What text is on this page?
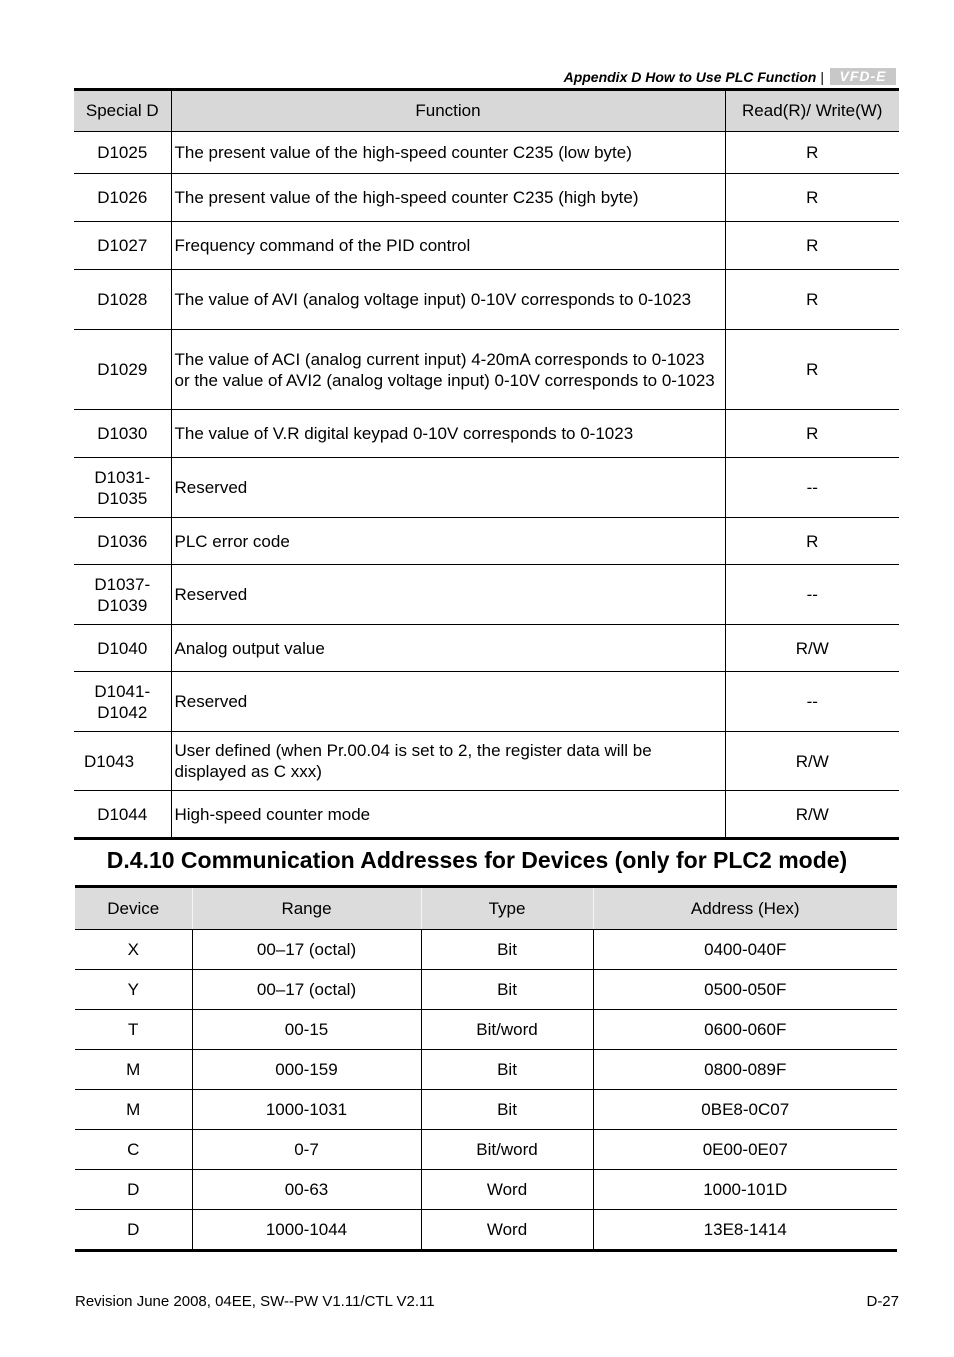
Appendix D How to Use PLC Function |	VFD-E
Special D	Function	Read(R)/ Write(W)
D1025	The present value of the high-speed counter C235 (low byte)	R
D1026	The present value of the high-speed counter C235 (high byte)	R
D1027	Frequency command of the PID control	R
D1028	The value of AVI (analog voltage input) 0-10V corresponds to 0-1023	R
D1029	The value of ACI (analog current input) 4-20mA corresponds to 0-1023 or the value of AVI2 (analog voltage input) 0-10V corresponds to 0-1023	R
D1030	The value of V.R digital keypad 0-10V corresponds to 0-1023	R
D1031-D1035	Reserved	--
D1036	PLC error code	R
D1037-D1039	Reserved	--
D1040	Analog output value	R/W
D1041-D1042	Reserved	--
D1043	User defined (when Pr.00.04 is set to 2, the register data will be displayed as C xxx)	R/W
D1044	High-speed counter mode	R/W
D.4.10 Communication Addresses for Devices (only for PLC2 mode)
Device	Range	Type	Address (Hex)
X	00–17 (octal)	Bit	0400-040F
Y	00–17 (octal)	Bit	0500-050F
T	00-15	Bit/word	0600-060F
M	000-159	Bit	0800-089F
M	1000-1031	Bit	0BE8-0C07
C	0-7	Bit/word	0E00-0E07
D	00-63	Word	1000-101D
D	1000-1044	Word	13E8-1414
Revision June 2008, 04EE, SW--PW V1.11/CTL V2.11	D-27
